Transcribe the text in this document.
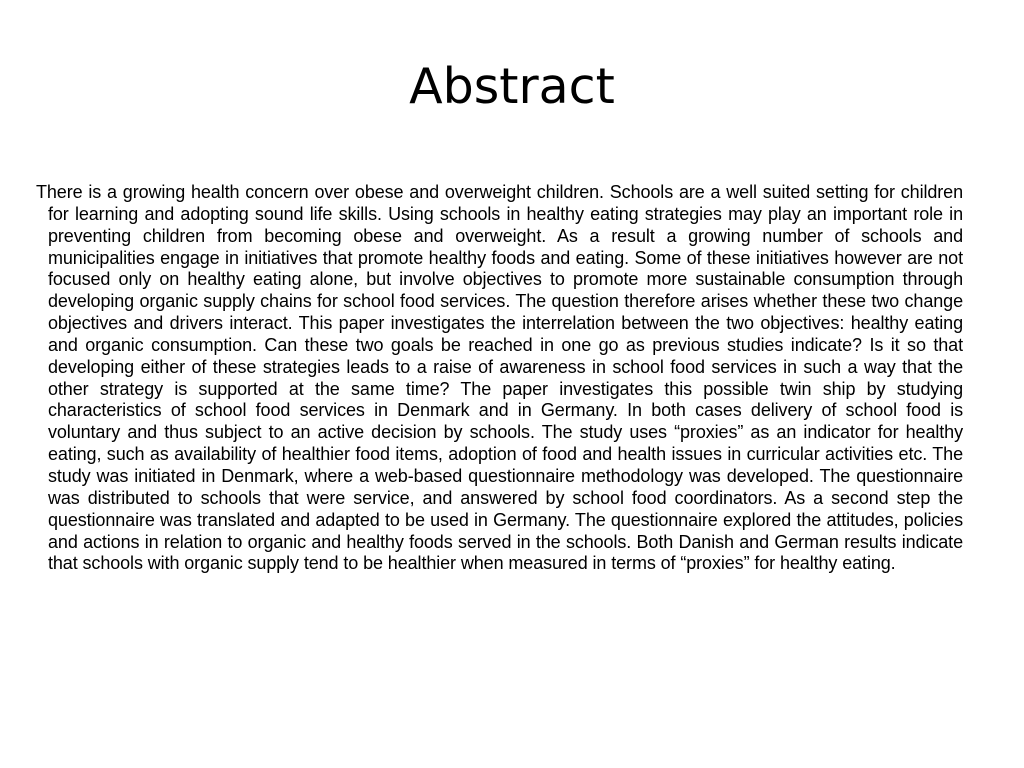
Abstract

There is a growing health concern over obese and overweight children. Schools are a well suited setting for children for learning and adopting sound life skills. Using schools in healthy eating strategies may play an important role in preventing children from becoming obese and overweight. As a result a growing number of schools and municipalities engage in initiatives that promote healthy foods and eating. Some of these initiatives however are not focused only on healthy eating alone, but involve objectives to promote more sustainable consumption through developing organic supply chains for school food services. The question therefore arises whether these two change objectives and drivers interact. This paper investigates the interrelation between the two objectives: healthy eating and organic consumption. Can these two goals be reached in one go as previous studies indicate? Is it so that developing either of these strategies leads to a raise of awareness in school food services in such a way that the other strategy is supported at the same time? The paper investigates this possible twin ship by studying characteristics of school food services in Denmark and in Germany. In both cases delivery of school food is voluntary and thus subject to an active decision by schools. The study uses “proxies” as an indicator for healthy eating, such as availability of healthier food items, adoption of food and health issues in curricular activities etc. The study was initiated in Denmark, where a web-based questionnaire methodology was developed. The questionnaire was distributed to schools that were service, and answered by school food coordinators. As a second step the questionnaire was translated and adapted to be used in Germany. The questionnaire explored the attitudes, policies and actions in relation to organic and healthy foods served in the schools. Both Danish and German results indicate that schools with organic supply tend to be healthier when measured in terms of “proxies” for healthy eating.
